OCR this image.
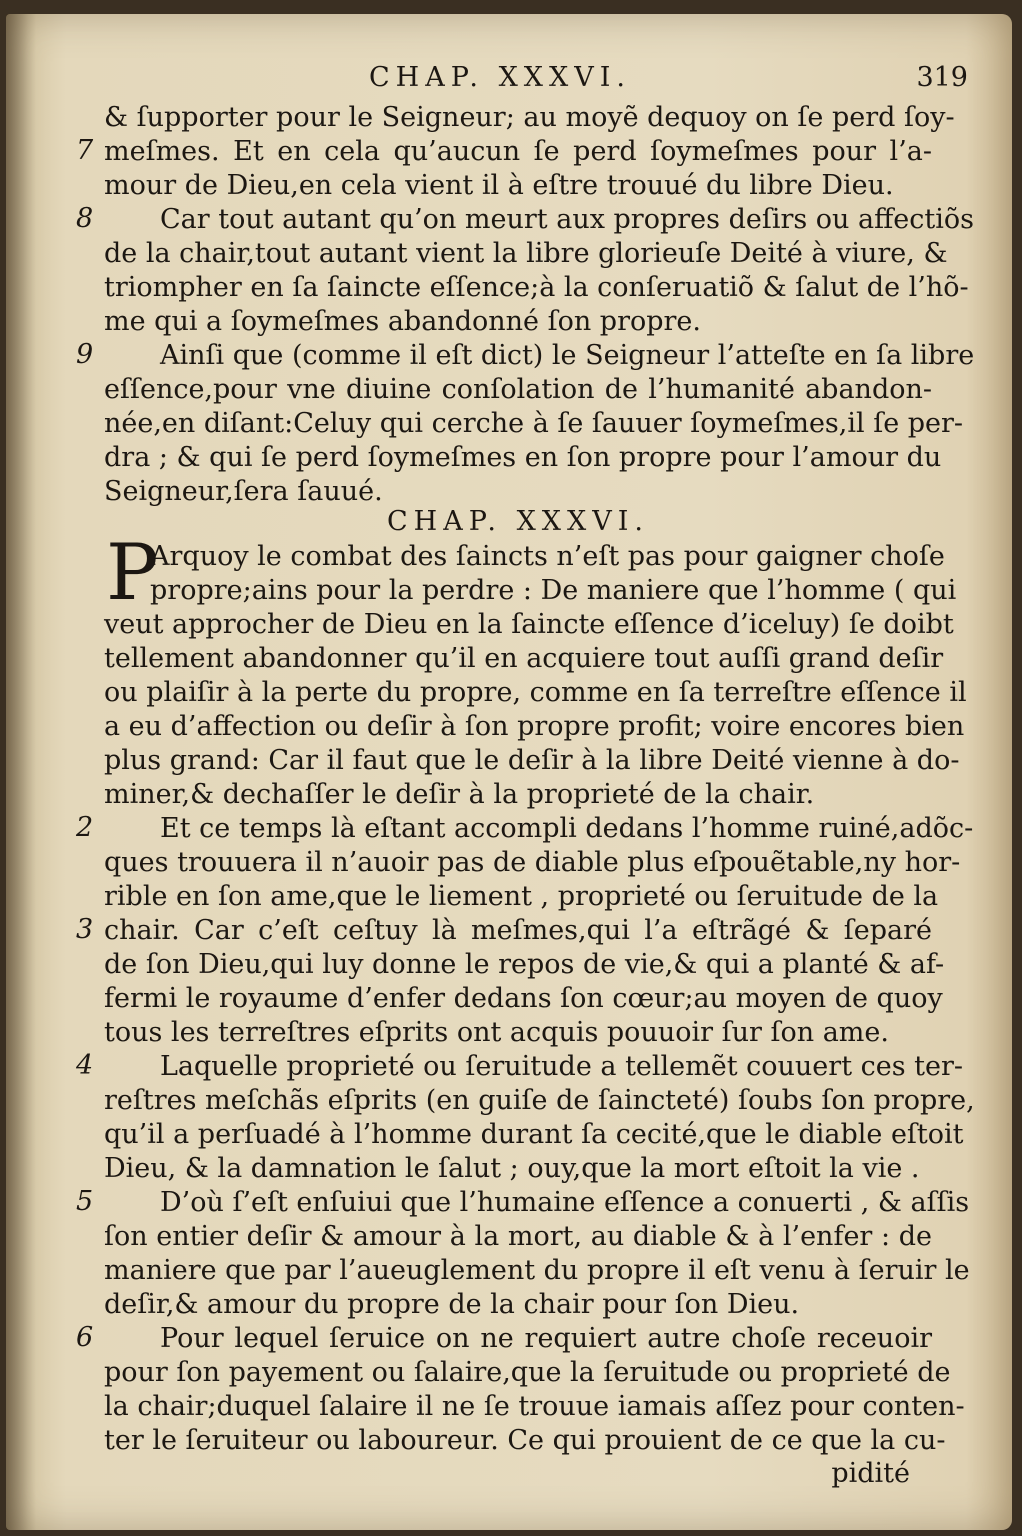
CHAP. XXXVI.	319
& ſupporter pour le Seigneur; au moyẽ dequoy on ſe perd ſoy-
meſmes. Et en cela qu’aucun ſe perd ſoymeſmes pour l’a-
mour de Dieu,en cela vient il à eſtre trouué du libre Dieu.
Car tout autant qu’on meurt aux propres deſirs ou affectiõs
de la chair,tout autant vient la libre glorieuſe Deité à viure, &
triompher en ſa ſaincte eſſence;à la conſeruatiõ & ſalut de l’hõ-
me qui a ſoymeſmes abandonné ſon propre.
Ainſi que (comme il eſt dict) le Seigneur l’atteſte en ſa libre
eſſence,pour vne diuine conſolation de l’humanité abandon-
née,en diſant:Celuy qui cerche à ſe ſauuer ſoymeſmes,il ſe per-
dra ; & qui ſe perd ſoymeſmes en ſon propre pour l’amour du
Seigneur,ſera ſauué.
7
8
9
CHAP. XXXVI.
P
Arquoy le combat des ſaincts n’eſt pas pour gaigner choſe
propre;ains pour la perdre : De maniere que l’homme ( qui
veut approcher de Dieu en la ſaincte eſſence d’iceluy) ſe doibt
tellement abandonner qu’il en acquiere tout auſſi grand deſir
ou plaiſir à la perte du propre, comme en ſa terreſtre eſſence il
a eu d’affection ou deſir à ſon propre profit; voire encores bien
plus grand: Car il faut que le deſir à la libre Deité vienne à do-
miner,& dechaſſer le deſir à la proprieté de la chair.
Et ce temps là eſtant accompli dedans l’homme ruiné,adõc-
ques trouuera il n’auoir pas de diable plus eſpouẽtable,ny hor-
rible en ſon ame,que le liement , proprieté ou ſeruitude de la
chair. Car c’eſt ceſtuy là meſmes,qui l’a eſtrãgé & ſeparé
de ſon Dieu,qui luy donne le repos de vie,& qui a planté & af-
fermi le royaume d’enfer dedans ſon cœur;au moyen de quoy
tous les terreſtres eſprits ont acquis pouuoir ſur ſon ame.
Laquelle proprieté ou ſeruitude a tellemẽt couuert ces ter-
reſtres meſchãs eſprits (en guiſe de ſaincteté) ſoubs ſon propre,
qu’il a perſuadé à l’homme durant ſa cecité,que le diable eſtoit
Dieu, & la damnation le ſalut ; ouy,que la mort eſtoit la vie .
D’où ſ’eſt enſuiui que l’humaine eſſence a conuerti , & aſſis
ſon entier deſir & amour à la mort, au diable & à l’enfer : de
maniere que par l’aueuglement du propre il eſt venu à ſeruir le
deſir,& amour du propre de la chair pour ſon Dieu.
Pour lequel ſeruice on ne requiert autre choſe receuoir
pour ſon payement ou ſalaire,que la ſeruitude ou proprieté de
la chair;duquel ſalaire il ne ſe trouue iamais aſſez pour conten-
ter le ſeruiteur ou laboureur. Ce qui prouient de ce que la cu-
2
3
4
5
6
pidité
